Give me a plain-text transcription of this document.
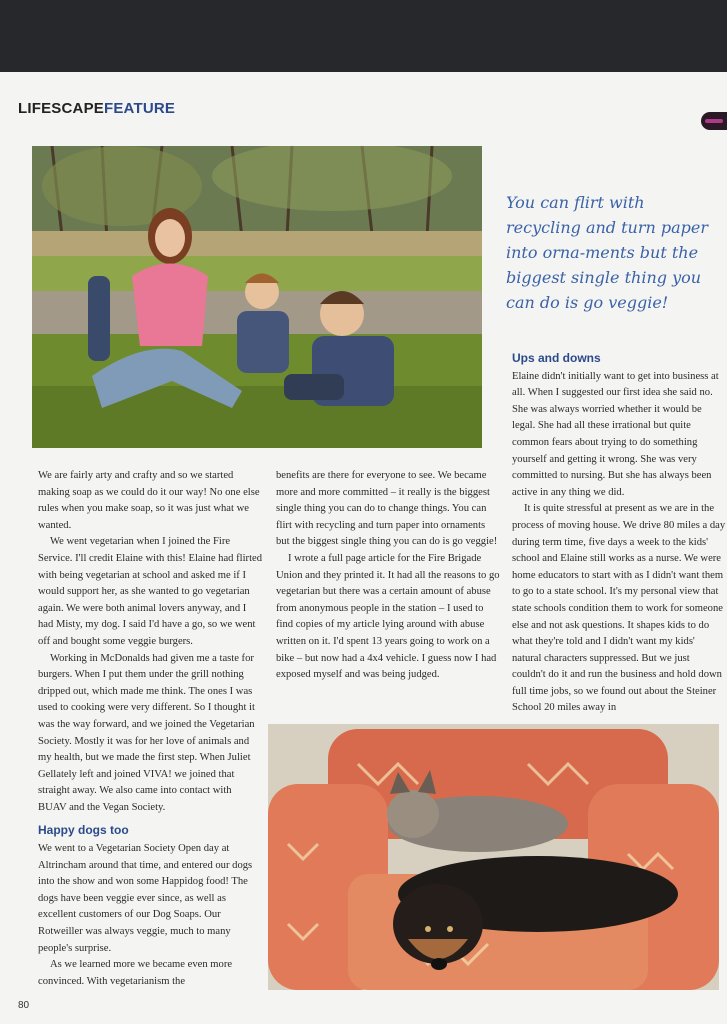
LIFESCAPEFEATURE

You can flirt with recycling and turn paper into orna-ments but the biggest single thing you can do is go veggie!

We are fairly arty and crafty and so we started making soap as we could do it our way! No one else rules when you make soap, so it was just what we wanted.

We went vegetarian when I joined the Fire Service. I'll credit Elaine with this! Elaine had flirted with being vegetarian at school and asked me if I would support her, as she wanted to go vegetarian again. We were both animal lovers anyway, and I had Misty, my dog. I said I'd have a go, so we went off and bought some veggie burgers.

Working in McDonalds had given me a taste for burgers. When I put them under the grill nothing dripped out, which made me think. The ones I was used to cooking were very different. So I thought it was the way forward, and we joined the Vegetarian Society. Mostly it was for her love of animals and my health, but we made the first step. When Juliet Gellately left and joined VIVA! we joined that straight away. We also came into contact with BUAV and the Vegan Society.

Happy dogs too

We went to a Vegetarian Society Open day at Altrincham around that time, and entered our dogs into the show and won some Happidog food! The dogs have been veggie ever since, as well as excellent customers of our Dog Soaps. Our Rotweiller was always veggie, much to many people's surprise.

As we learned more we became even more convinced. With vegetarianism the

benefits are there for everyone to see. We became more and more committed – it really is the biggest single thing you can do to change things. You can flirt with recycling and turn paper into ornaments but the biggest single thing you can do is go veggie!

I wrote a full page article for the Fire Brigade Union and they printed it. It had all the reasons to go vegetarian but there was a certain amount of abuse from anonymous people in the station – I used to find copies of my article lying around with abuse written on it. I'd spent 13 years going to work on a bike – but now had a 4x4 vehicle. I guess now I had exposed myself and was being judged.

Ups and downs

Elaine didn't initially want to get into business at all. When I suggested our first idea she said no. She was always worried whether it would be legal. She had all these irrational but quite common fears about trying to do something yourself and getting it wrong. She was very committed to nursing. But she has always been active in any thing we did.

It is quite stressful at present as we are in the process of moving house. We drive 80 miles a day during term time, five days a week to the kids' school and Elaine still works as a nurse. We were home educators to start with as I didn't want them to go to a state school. It's my personal view that state schools condition them to work for someone else and not ask questions. It shapes kids to do what they're told and I didn't want my kids' natural characters suppressed. But we just couldn't do it and run the business and hold down full time jobs, so we found out about the Steiner School 20 miles away in

80
